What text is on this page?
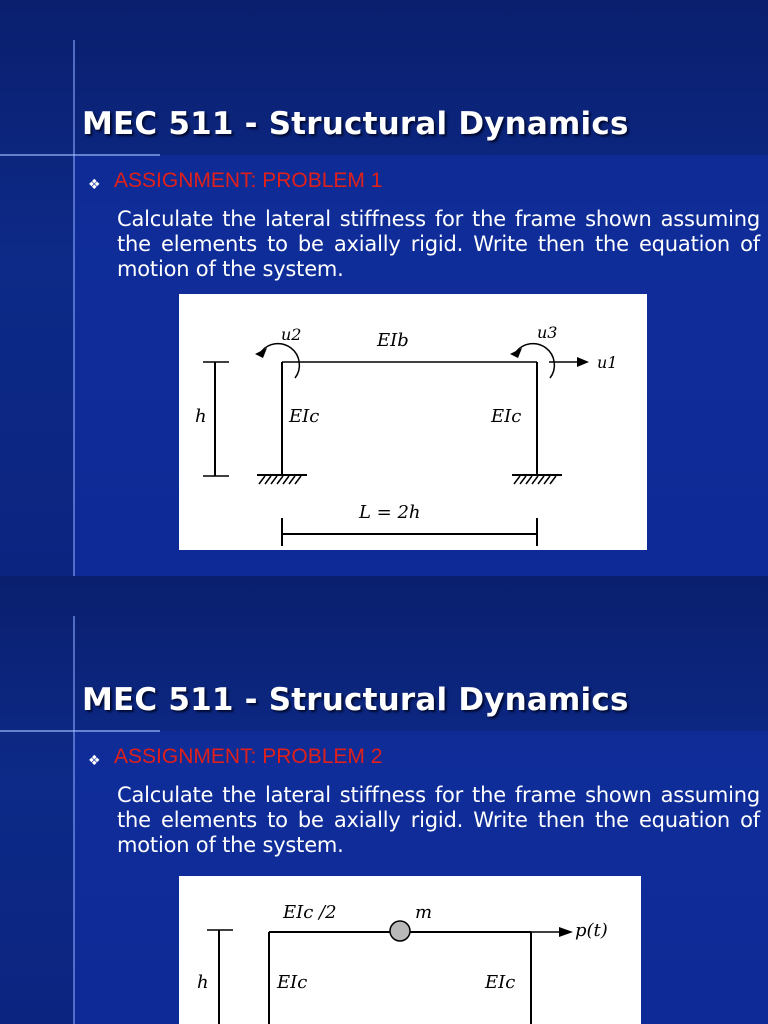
MEC 511 - Structural Dynamics
❖ ASSIGNMENT: PROBLEM 1
Calculate the lateral stiffness for the frame shown assuming the elements to be axially rigid. Write then the equation of motion of the system.
h
u2	u3
u1
EIb
EIc	EIc
L = 2h
MEC 511 - Structural Dynamics
❖ ASSIGNMENT: PROBLEM 2
Calculate the lateral stiffness for the frame shown assuming the elements to be axially rigid. Write then the equation of motion of the system.
h
EIc /2	m
p(t)
EIc	EIc
